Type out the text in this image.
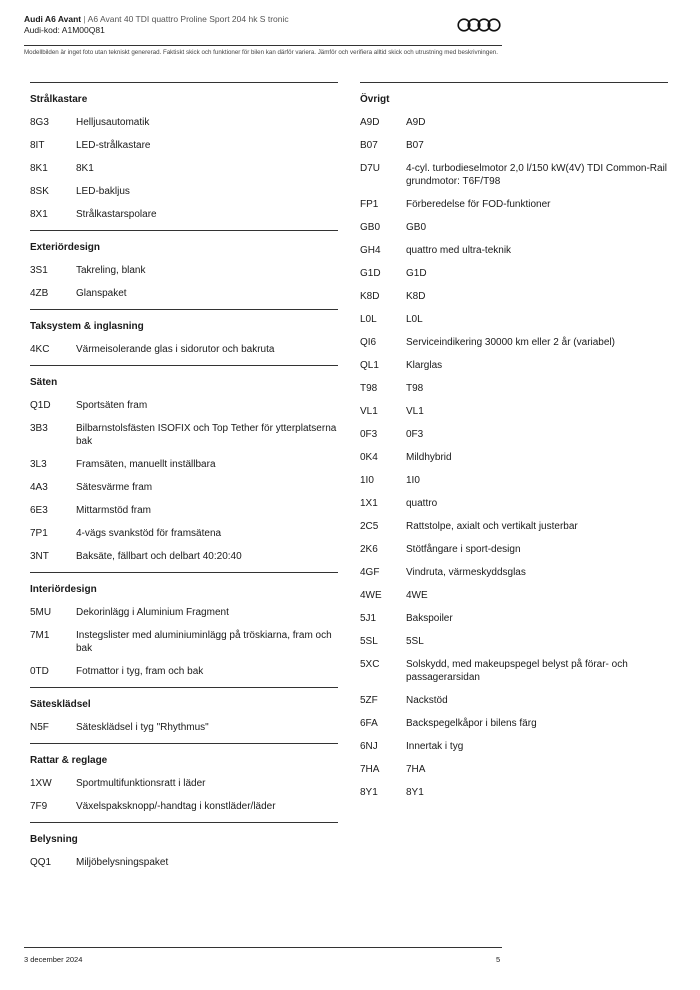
Audi A6 Avant | A6 Avant 40 TDI quattro Proline Sport 204 hk S tronic
Audi-kod: A1M00Q81
Modellbilden är inget foto utan tekniskt genererad. Faktiskt skick och funktioner för bilen kan därför variera. Jämför och verifiera alltid skick och utrustning med beskrivningen.
Strålkastare
8G3	Helljusautomatik
8IT	LED-strålkastare
8K1	8K1
8SK	LED-bakljus
8X1	Strålkastarspolare
Exteriördesign
3S1	Takreling, blank
4ZB	Glanspaket
Taksystem & inglasning
4KC	Värmeisolerande glas i sidorutor och bakruta
Säten
Q1D	Sportsäten fram
3B3	Bilbarnstolsfästen ISOFIX och Top Tether för ytterplatserna bak
3L3	Framsäten, manuellt inställbara
4A3	Sätesvärme fram
6E3	Mittarmstöd fram
7P1	4-vägs svankstöd för framsätena
3NT	Baksäte, fällbart och delbart 40:20:40
Interiördesign
5MU	Dekorinlägg i Aluminium Fragment
7M1	Instegslister med aluminiuminlägg på tröskiarna, fram och bak
0TD	Fotmattor i tyg, fram och bak
Sätesklädsel
N5F	Sätesklädsel i tyg "Rhythmus"
Rattar & reglage
1XW	Sportmultifunktionsratt i läder
7F9	Växelspaksknopp/-handtag i konstläder/läder
Belysning
QQ1	Miljöbelysningspaket
Övrigt
A9D	A9D
B07	B07
D7U	4-cyl. turbodieselmotor 2,0 l/150 kW(4V) TDI Common-Rail grundmotor: T6F/T98
FP1	Förberedelse för FOD-funktioner
GB0	GB0
GH4	quattro med ultra-teknik
G1D	G1D
K8D	K8D
L0L	L0L
QI6	Serviceindikering 30000 km eller 2 år (variabel)
QL1	Klarglas
T98	T98
VL1	VL1
0F3	0F3
0K4	Mildhybrid
1I0	1I0
1X1	quattro
2C5	Rattstolpe, axialt och vertikalt justerbar
2K6	Stötfångare i sport-design
4GF	Vindruta, värmeskyddsglas
4WE	4WE
5J1	Bakspoiler
5SL	5SL
5XC	Solskydd, med makeupspegel belyst på förar- och passagerarsidan
5ZF	Nackstöd
6FA	Backspegelkåpor i bilens färg
6NJ	Innertak i tyg
7HA	7HA
8Y1	8Y1
3 december 2024	5
